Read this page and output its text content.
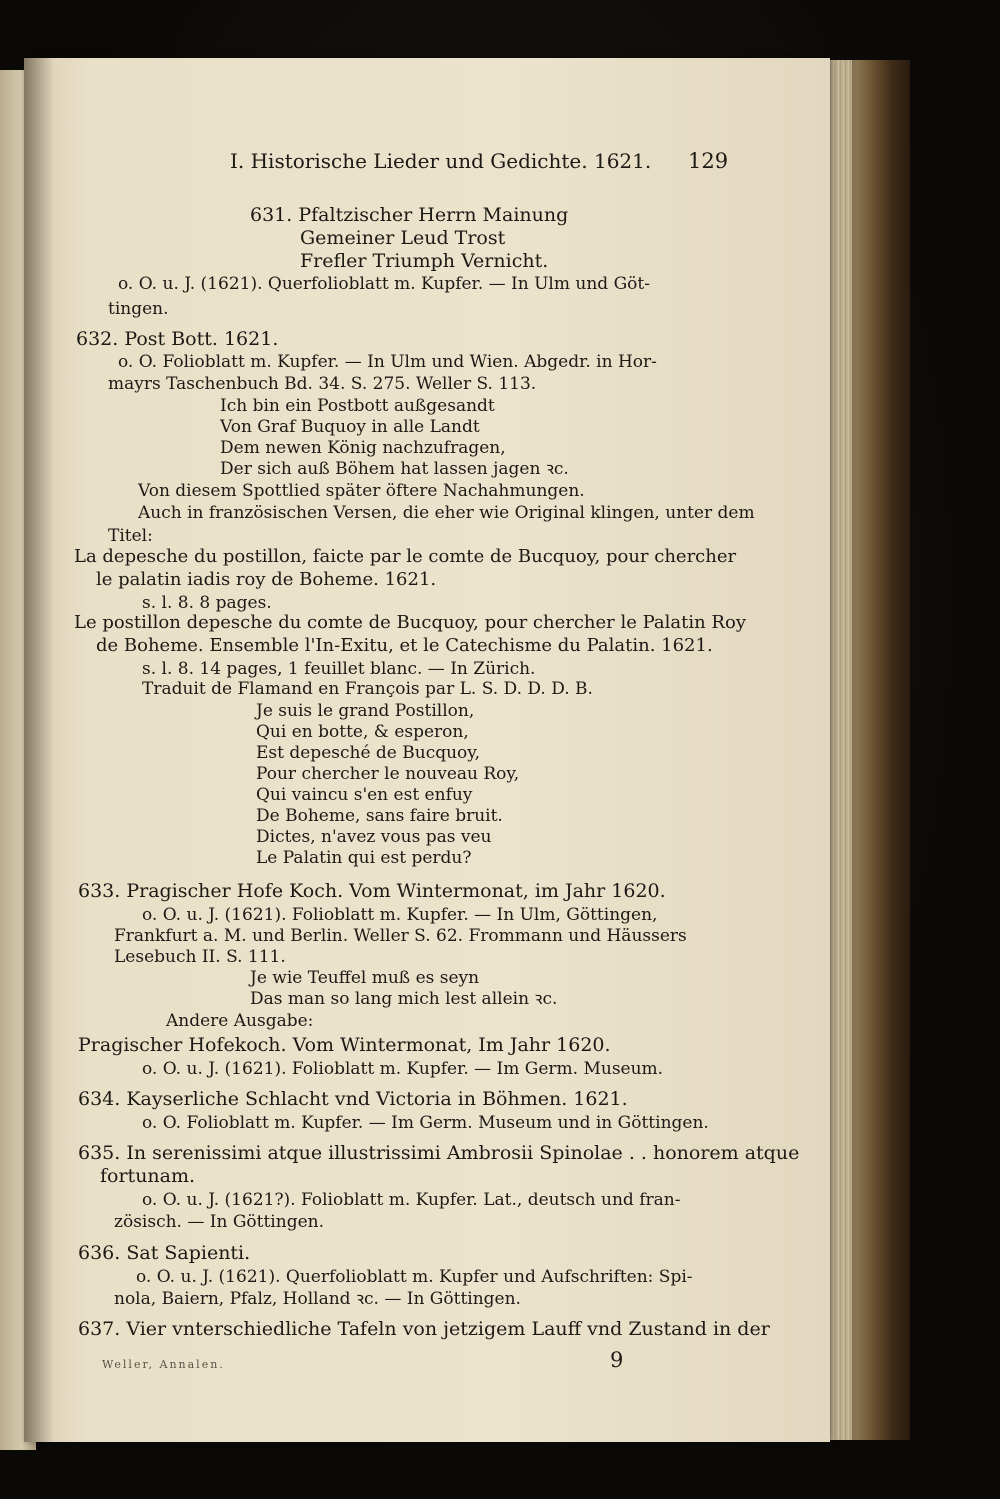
I. Historische Lieder und Gedichte. 1621. 129
631. Pfaltzischer Herrn Mainung
Gemeiner Leud Trost
Frefler Triumph Vernicht.
o. O. u. J. (1621). Querfolioblatt m. Kupfer. — In Ulm und Göt-
tingen.
632. Post Bott. 1621.
o. O. Folioblatt m. Kupfer. — In Ulm und Wien. Abgedr. in Hor-
mayrs Taschenbuch Bd. 34. S. 275. Weller S. 113.
Ich bin ein Postbott außgesandt
Von Graf Buquoy in alle Landt
Dem newen König nachzufragen,
Der sich auß Böhem hat lassen jagen ꝛc.
Von diesem Spottlied später öftere Nachahmungen.
Auch in französischen Versen, die eher wie Original klingen, unter dem
Titel:
La depesche du postillon, faicte par le comte de Bucquoy, pour chercher
le palatin iadis roy de Boheme. 1621.
s. l. 8. 8 pages.
Le postillon depesche du comte de Bucquoy, pour chercher le Palatin Roy
de Boheme. Ensemble l'In-Exitu, et le Catechisme du Palatin. 1621.
s. l. 8. 14 pages, 1 feuillet blanc. — In Zürich.
Traduit de Flamand en François par L. S. D. D. D. B.
Je suis le grand Postillon,
Qui en botte, & esperon,
Est depesché de Bucquoy,
Pour chercher le nouveau Roy,
Qui vaincu s'en est enfuy
De Boheme, sans faire bruit.
Dictes, n'avez vous pas veu
Le Palatin qui est perdu?
633. Pragischer Hofe Koch. Vom Wintermonat, im Jahr 1620.
o. O. u. J. (1621). Folioblatt m. Kupfer. — In Ulm, Göttingen,
Frankfurt a. M. und Berlin. Weller S. 62. Frommann und Häussers
Lesebuch II. S. 111.
Je wie Teuffel muß es seyn
Das man so lang mich lest allein ꝛc.
Andere Ausgabe:
Pragischer Hofekoch. Vom Wintermonat, Im Jahr 1620.
o. O. u. J. (1621). Folioblatt m. Kupfer. — Im Germ. Museum.
634. Kayserliche Schlacht vnd Victoria in Böhmen. 1621.
o. O. Folioblatt m. Kupfer. — Im Germ. Museum und in Göttingen.
635. In serenissimi atque illustrissimi Ambrosii Spinolae . . honorem atque
fortunam.
o. O. u. J. (1621?). Folioblatt m. Kupfer. Lat., deutsch und fran-
zösisch. — In Göttingen.
636. Sat Sapienti.
o. O. u. J. (1621). Querfolioblatt m. Kupfer und Aufschriften: Spi-
nola, Baiern, Pfalz, Holland ꝛc. — In Göttingen.
637. Vier vnterschiedliche Tafeln von jetzigem Lauff vnd Zustand in der
Weller, Annalen.	9
